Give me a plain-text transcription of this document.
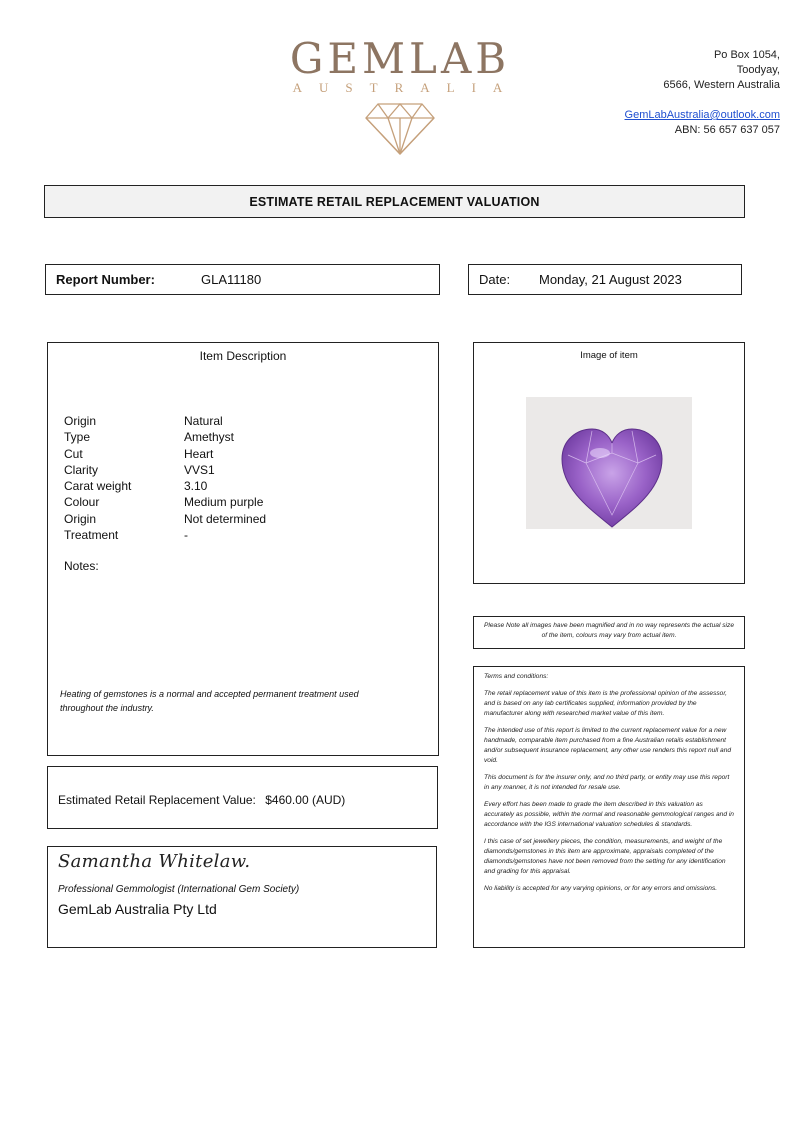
GEMLAB
AUSTRALIA
Po Box 1054,
Toodyay,
6566, Western Australia
GemLabAustralia@outlook.com
ABN: 56 657 637 057
ESTIMATE RETAIL REPLACEMENT VALUATION
Report Number:	GLA11180	Date:	Monday, 21 August 2023
Item Description
Origin	Natural
Type	Amethyst
Cut	Heart
Clarity	VVS1
Carat weight	3.10
Colour	Medium purple
Origin	Not determined
Treatment	-
Notes:
Heating of gemstones is a normal and accepted permanent treatment used throughout the industry.
Image of item
Please Note all images have been magnified and in no way represents the actual size of the item, colours may vary from actual item.

Terms and conditions:

The retail replacement value of this item is the professional opinion of the assessor, and is based on any lab certificates supplied, information provided by the manufacturer along with researched market value of this item.

The intended use of this report is limited to the current replacement value for a new handmade, comparable item purchased from a fine Australian retails establishment and/or subsequent insurance replacement, any other use renders this report null and void.

This document is for the insurer only, and no third party, or entity may use this report in any manner, it is not intended for resale use.

Every effort has been made to grade the item described in this valuation as accurately as possible, within the normal and reasonable gemmological ranges and in accordance with the IGS international valuation schedules & standards.

I this case of set jewellery pieces, the condition, measurements, and weight of the diamonds/gemstones in this item are approximate, appraisals completed of the diamonds/gemstones have not been removed from the setting for any identification and grading for this appraisal.

No liability is accepted for any varying opinions, or for any errors and omissions.

Estimated Retail Replacement Value: $460.00 (AUD)
Samantha Whitelaw.
Professional Gemmologist (International Gem Society)
GemLab Australia Pty Ltd
